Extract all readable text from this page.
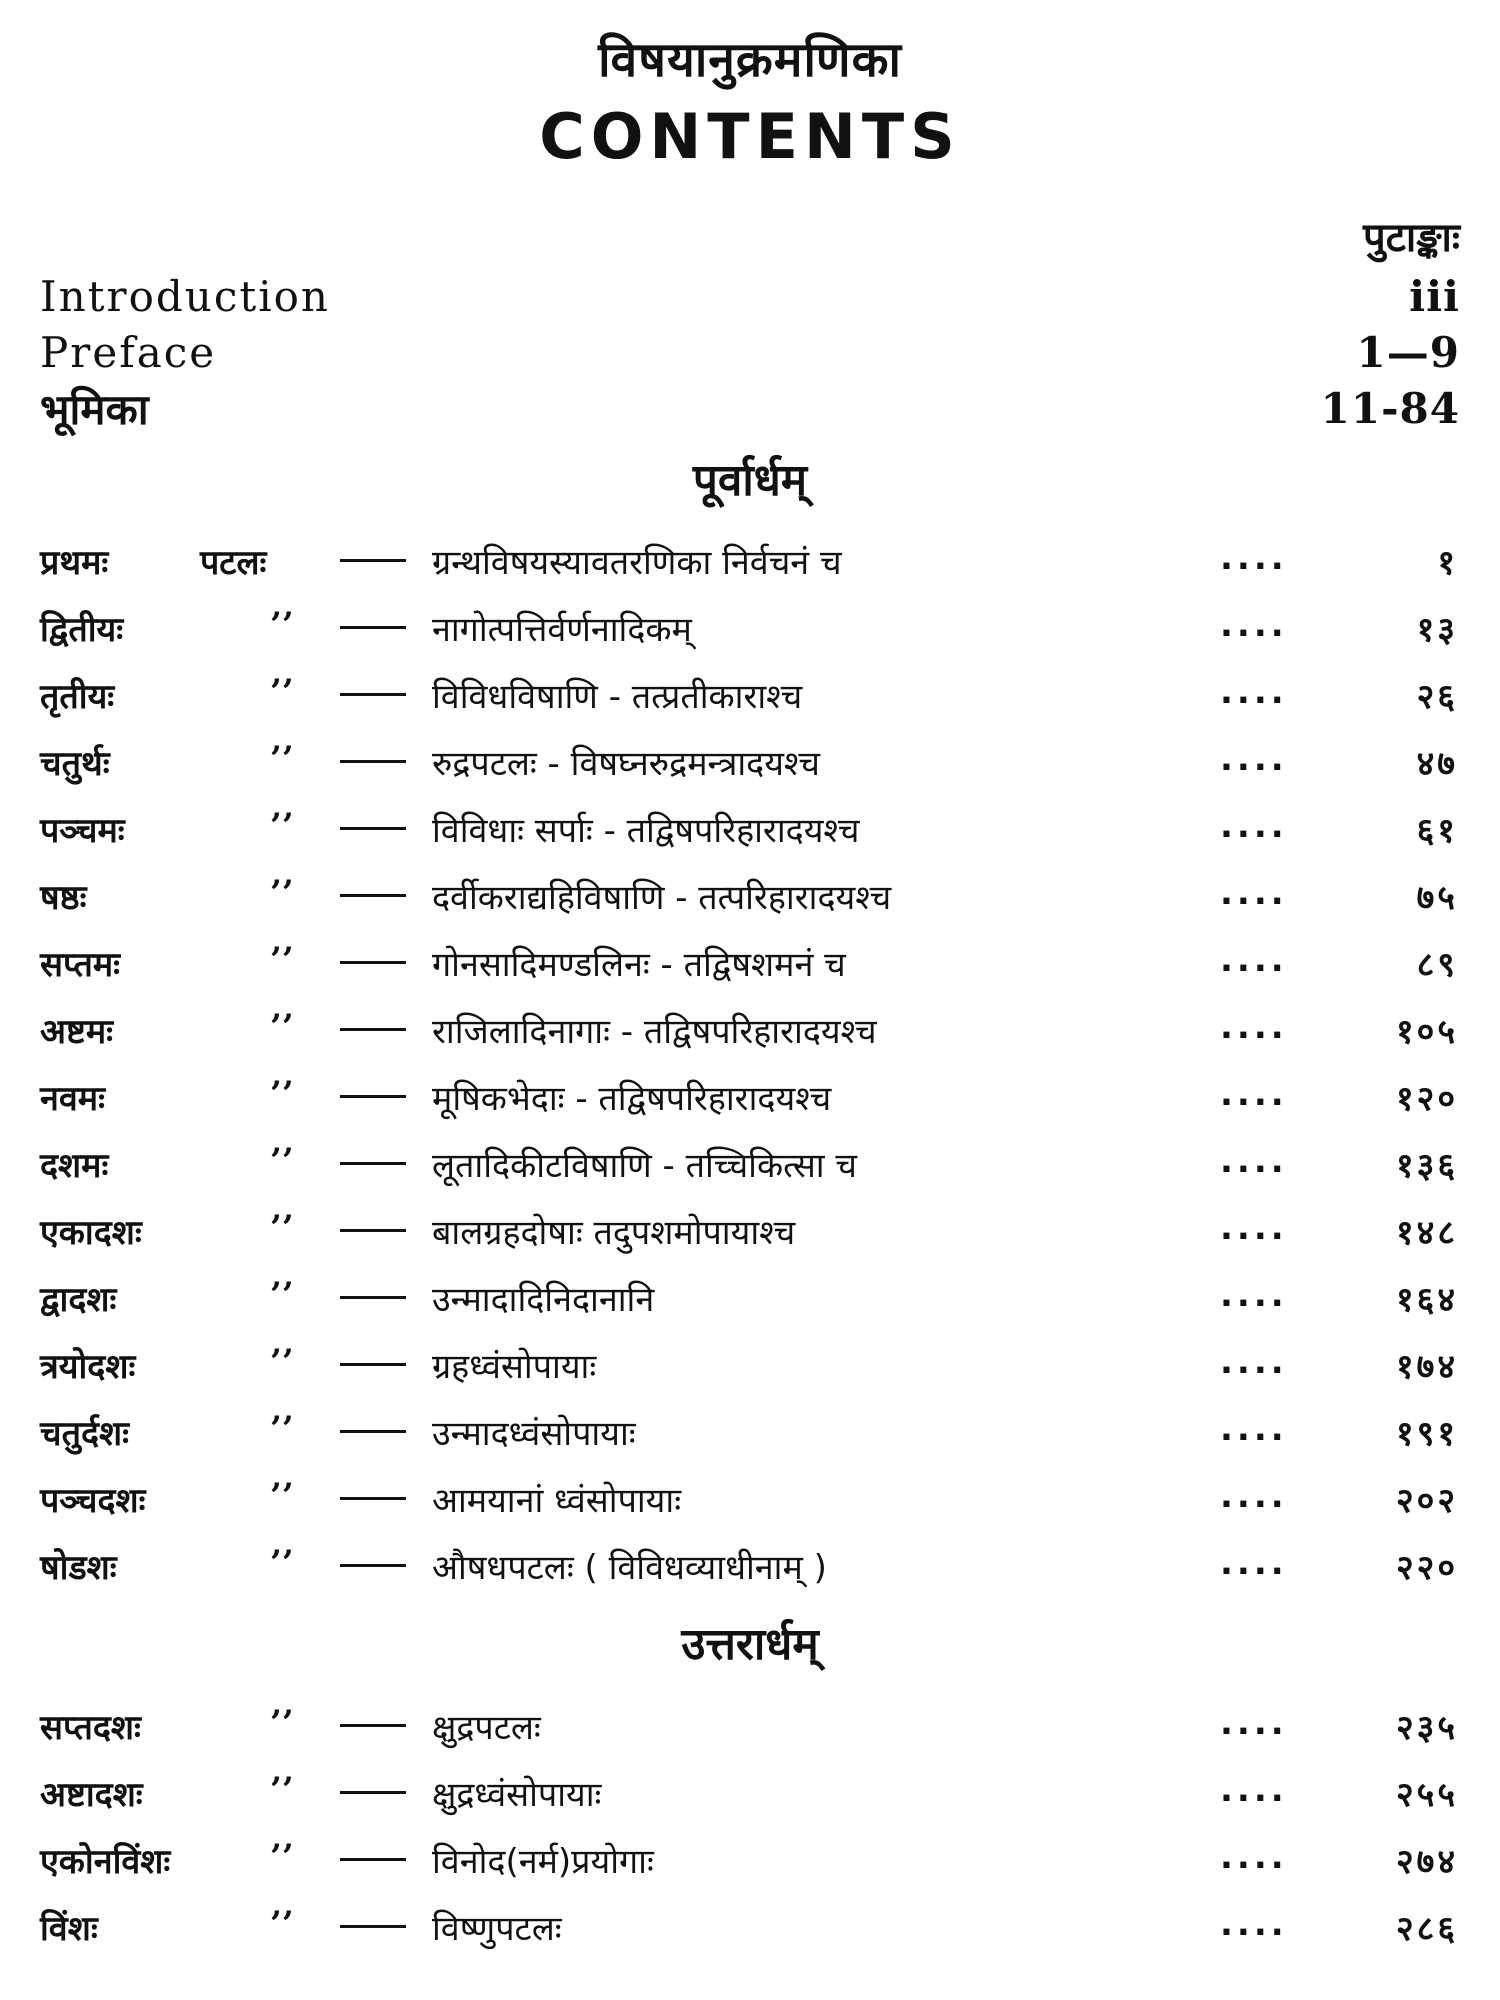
विषयानुक्रमणिका
CONTENTS
पुटाङ्काः
Introduction	iii
Preface	1—9
भूमिका	11-84
पूर्वार्धम्
प्रथमः	पटलः	ग्रन्थविषयस्यावतरणिका निर्वचनं च	....	१
द्वितीयः	’’	नागोत्पत्तिर्वर्णनादिकम्	....	१३
तृतीयः	’’	विविधविषाणि - तत्प्रतीकाराश्च	....	२६
चतुर्थः	’’	रुद्रपटलः - विषघ्नरुद्रमन्त्रादयश्च	....	४७
पञ्चमः	’’	विविधाः सर्पाः - तद्विषपरिहारादयश्च	....	६१
षष्ठः	’’	दर्वीकराद्यहिविषाणि - तत्परिहारादयश्च	....	७५
सप्तमः	’’	गोनसादिमण्डलिनः - तद्विषशमनं च	....	८९
अष्टमः	’’	राजिलादिनागाः - तद्विषपरिहारादयश्च	....	१०५
नवमः	’’	मूषिकभेदाः - तद्विषपरिहारादयश्च	....	१२०
दशमः	’’	लूतादिकीटविषाणि - तच्चिकित्सा च	....	१३६
एकादशः	’’	बालग्रहदोषाः तदुपशमोपायाश्च	....	१४८
द्वादशः	’’	उन्मादादिनिदानानि	....	१६४
त्रयोदशः	’’	ग्रहध्वंसोपायाः	....	१७४
चतुर्दशः	’’	उन्मादध्वंसोपायाः	....	१९१
पञ्चदशः	’’	आमयानां ध्वंसोपायाः	....	२०२
षोडशः	’’	औषधपटलः ( विविधव्याधीनाम् )	....	२२०
उत्तरार्धम्
सप्तदशः	’’	क्षुद्रपटलः	....	२३५
अष्टादशः	’’	क्षुद्रध्वंसोपायाः	....	२५५
एकोनविंशः	’’	विनोद(नर्म)प्रयोगाः	....	२७४
विंशः	’’	विष्णुपटलः	....	२८६
